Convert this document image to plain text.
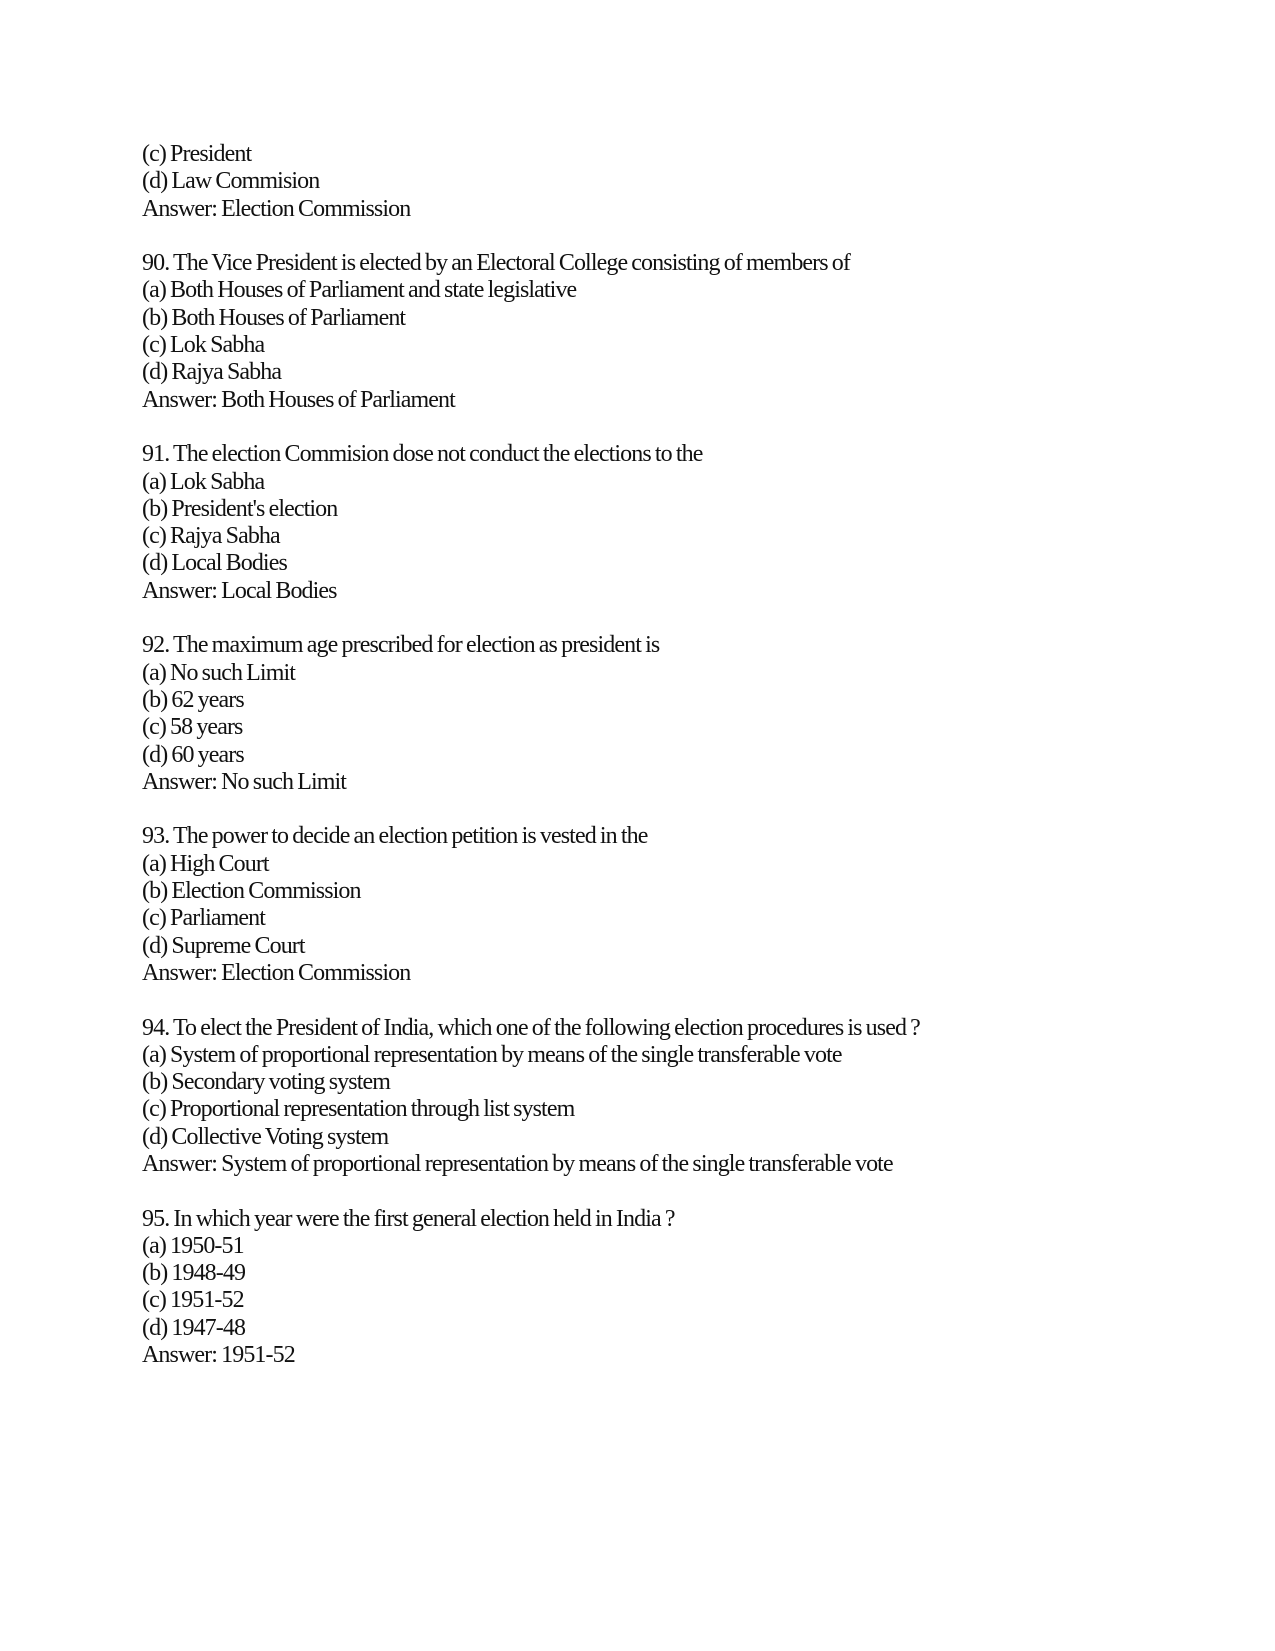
(c) President
(d) Law Commision
Answer: Election Commission
90. The Vice President is elected by an Electoral College consisting of members of
(a) Both Houses of Parliament and state legislative
(b) Both Houses of Parliament
(c) Lok Sabha
(d) Rajya Sabha
Answer: Both Houses of Parliament
91. The election Commision dose not conduct the elections to the
(a) Lok Sabha
(b) President's election
(c) Rajya Sabha
(d) Local Bodies
Answer: Local Bodies
92. The maximum age prescribed for election as president is
(a) No such Limit
(b) 62 years
(c) 58 years
(d) 60 years
Answer: No such Limit
93. The power to decide an election petition is vested in the
(a) High Court
(b) Election Commission
(c) Parliament
(d) Supreme Court
Answer: Election Commission
94. To elect the President of India, which one of the following election procedures is used ?
(a) System of proportional representation by means of the single transferable vote
(b) Secondary voting system
(c) Proportional representation through list system
(d) Collective Voting system
Answer: System of proportional representation by means of the single transferable vote
95. In which year were the first general election held in India ?
(a) 1950-51
(b) 1948-49
(c) 1951-52
(d) 1947-48
Answer: 1951-52
